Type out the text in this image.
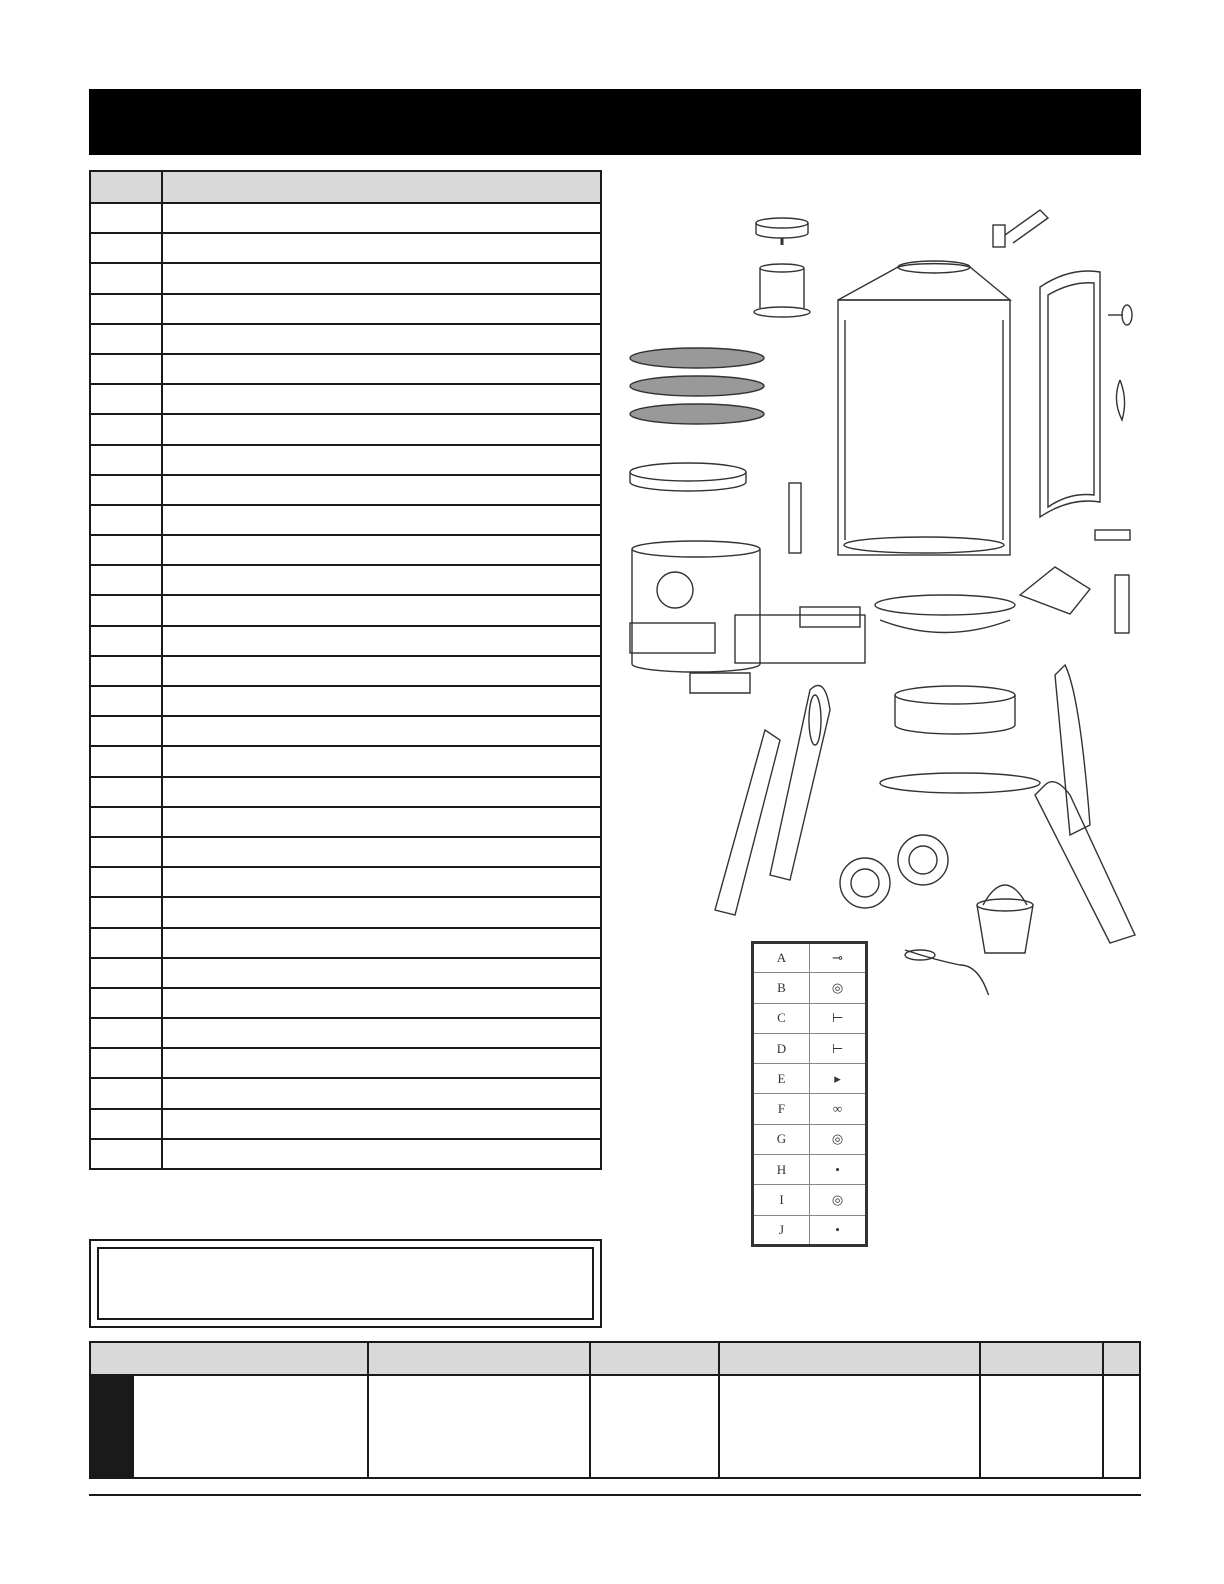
A	⊸
B	◎
C	⊢
D	⊢
E	▸
F	∞
G	◎
H	•
I	◎
J	•
